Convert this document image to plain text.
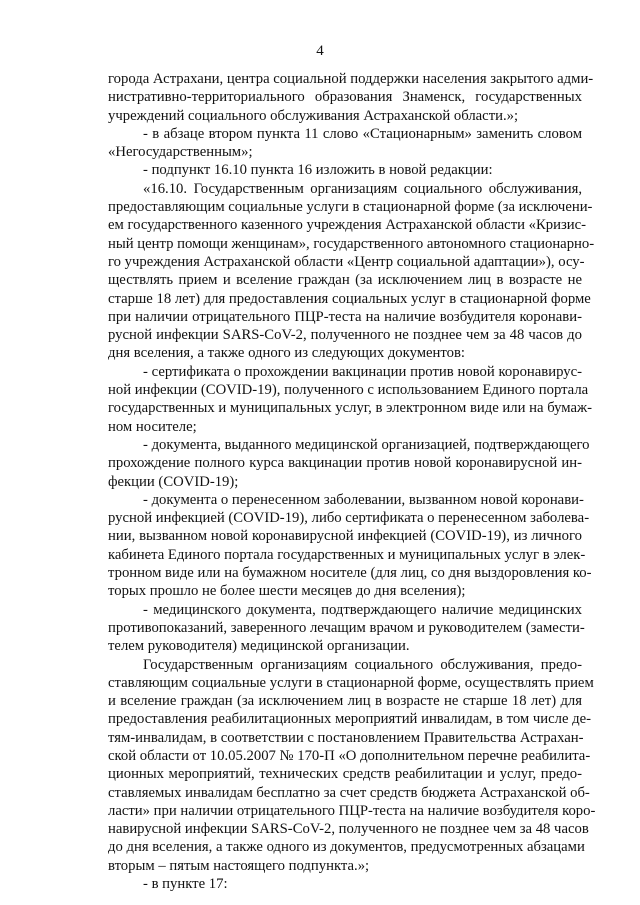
4
города Астрахани, центра социальной поддержки населения закрытого адми-
нистративно-территориального образования Знаменск, государственных
учреждений социального обслуживания Астраханской области.»;
- в абзаце втором пункта 11 слово «Стационарным» заменить словом
«Негосударственным»;
- подпункт 16.10 пункта 16 изложить в новой редакции:
«16.10. Государственным организациям социального обслуживания,
предоставляющим социальные услуги в стационарной форме (за исключени-
ем государственного казенного учреждения Астраханской области «Кризис-
ный центр помощи женщинам», государственного автономного стационарно-
го учреждения Астраханской области «Центр социальной адаптации»), осу-
ществлять прием и вселение граждан (за исключением лиц в возрасте не
старше 18 лет) для предоставления социальных услуг в стационарной форме
при наличии отрицательного ПЦР-теста на наличие возбудителя коронави-
русной инфекции SARS-CoV-2, полученного не позднее чем за 48 часов до
дня вселения, а также одного из следующих документов:
- сертификата о прохождении вакцинации против новой коронавирус-
ной инфекции (COVID-19), полученного с использованием Единого портала
государственных и муниципальных услуг, в электронном виде или на бумаж-
ном носителе;
- документа, выданного медицинской организацией, подтверждающего
прохождение полного курса вакцинации против новой коронавирусной ин-
фекции (COVID-19);
- документа о перенесенном заболевании, вызванном новой коронави-
русной инфекцией (COVID-19), либо сертификата о перенесенном заболева-
нии, вызванном новой коронавирусной инфекцией (COVID-19), из личного
кабинета Единого портала государственных и муниципальных услуг в элек-
тронном виде или на бумажном носителе (для лиц, со дня выздоровления ко-
торых прошло не более шести месяцев до дня вселения);
- медицинского документа, подтверждающего наличие медицинских
противопоказаний, заверенного лечащим врачом и руководителем (замести-
телем руководителя) медицинской организации.
Государственным организациям социального обслуживания, предо-
ставляющим социальные услуги в стационарной форме, осуществлять прием
и вселение граждан (за исключением лиц в возрасте не старше 18 лет) для
предоставления реабилитационных мероприятий инвалидам, в том числе де-
тям-инвалидам, в соответствии с постановлением Правительства Астрахан-
ской области от 10.05.2007 № 170-П «О дополнительном перечне реабилита-
ционных мероприятий, технических средств реабилитации и услуг, предо-
ставляемых инвалидам бесплатно за счет средств бюджета Астраханской об-
ласти» при наличии отрицательного ПЦР-теста на наличие возбудителя коро-
навирусной инфекции SARS-CoV-2, полученного не позднее чем за 48 часов
до дня вселения, а также одного из документов, предусмотренных абзацами
вторым – пятым настоящего подпункта.»;
- в пункте 17:
